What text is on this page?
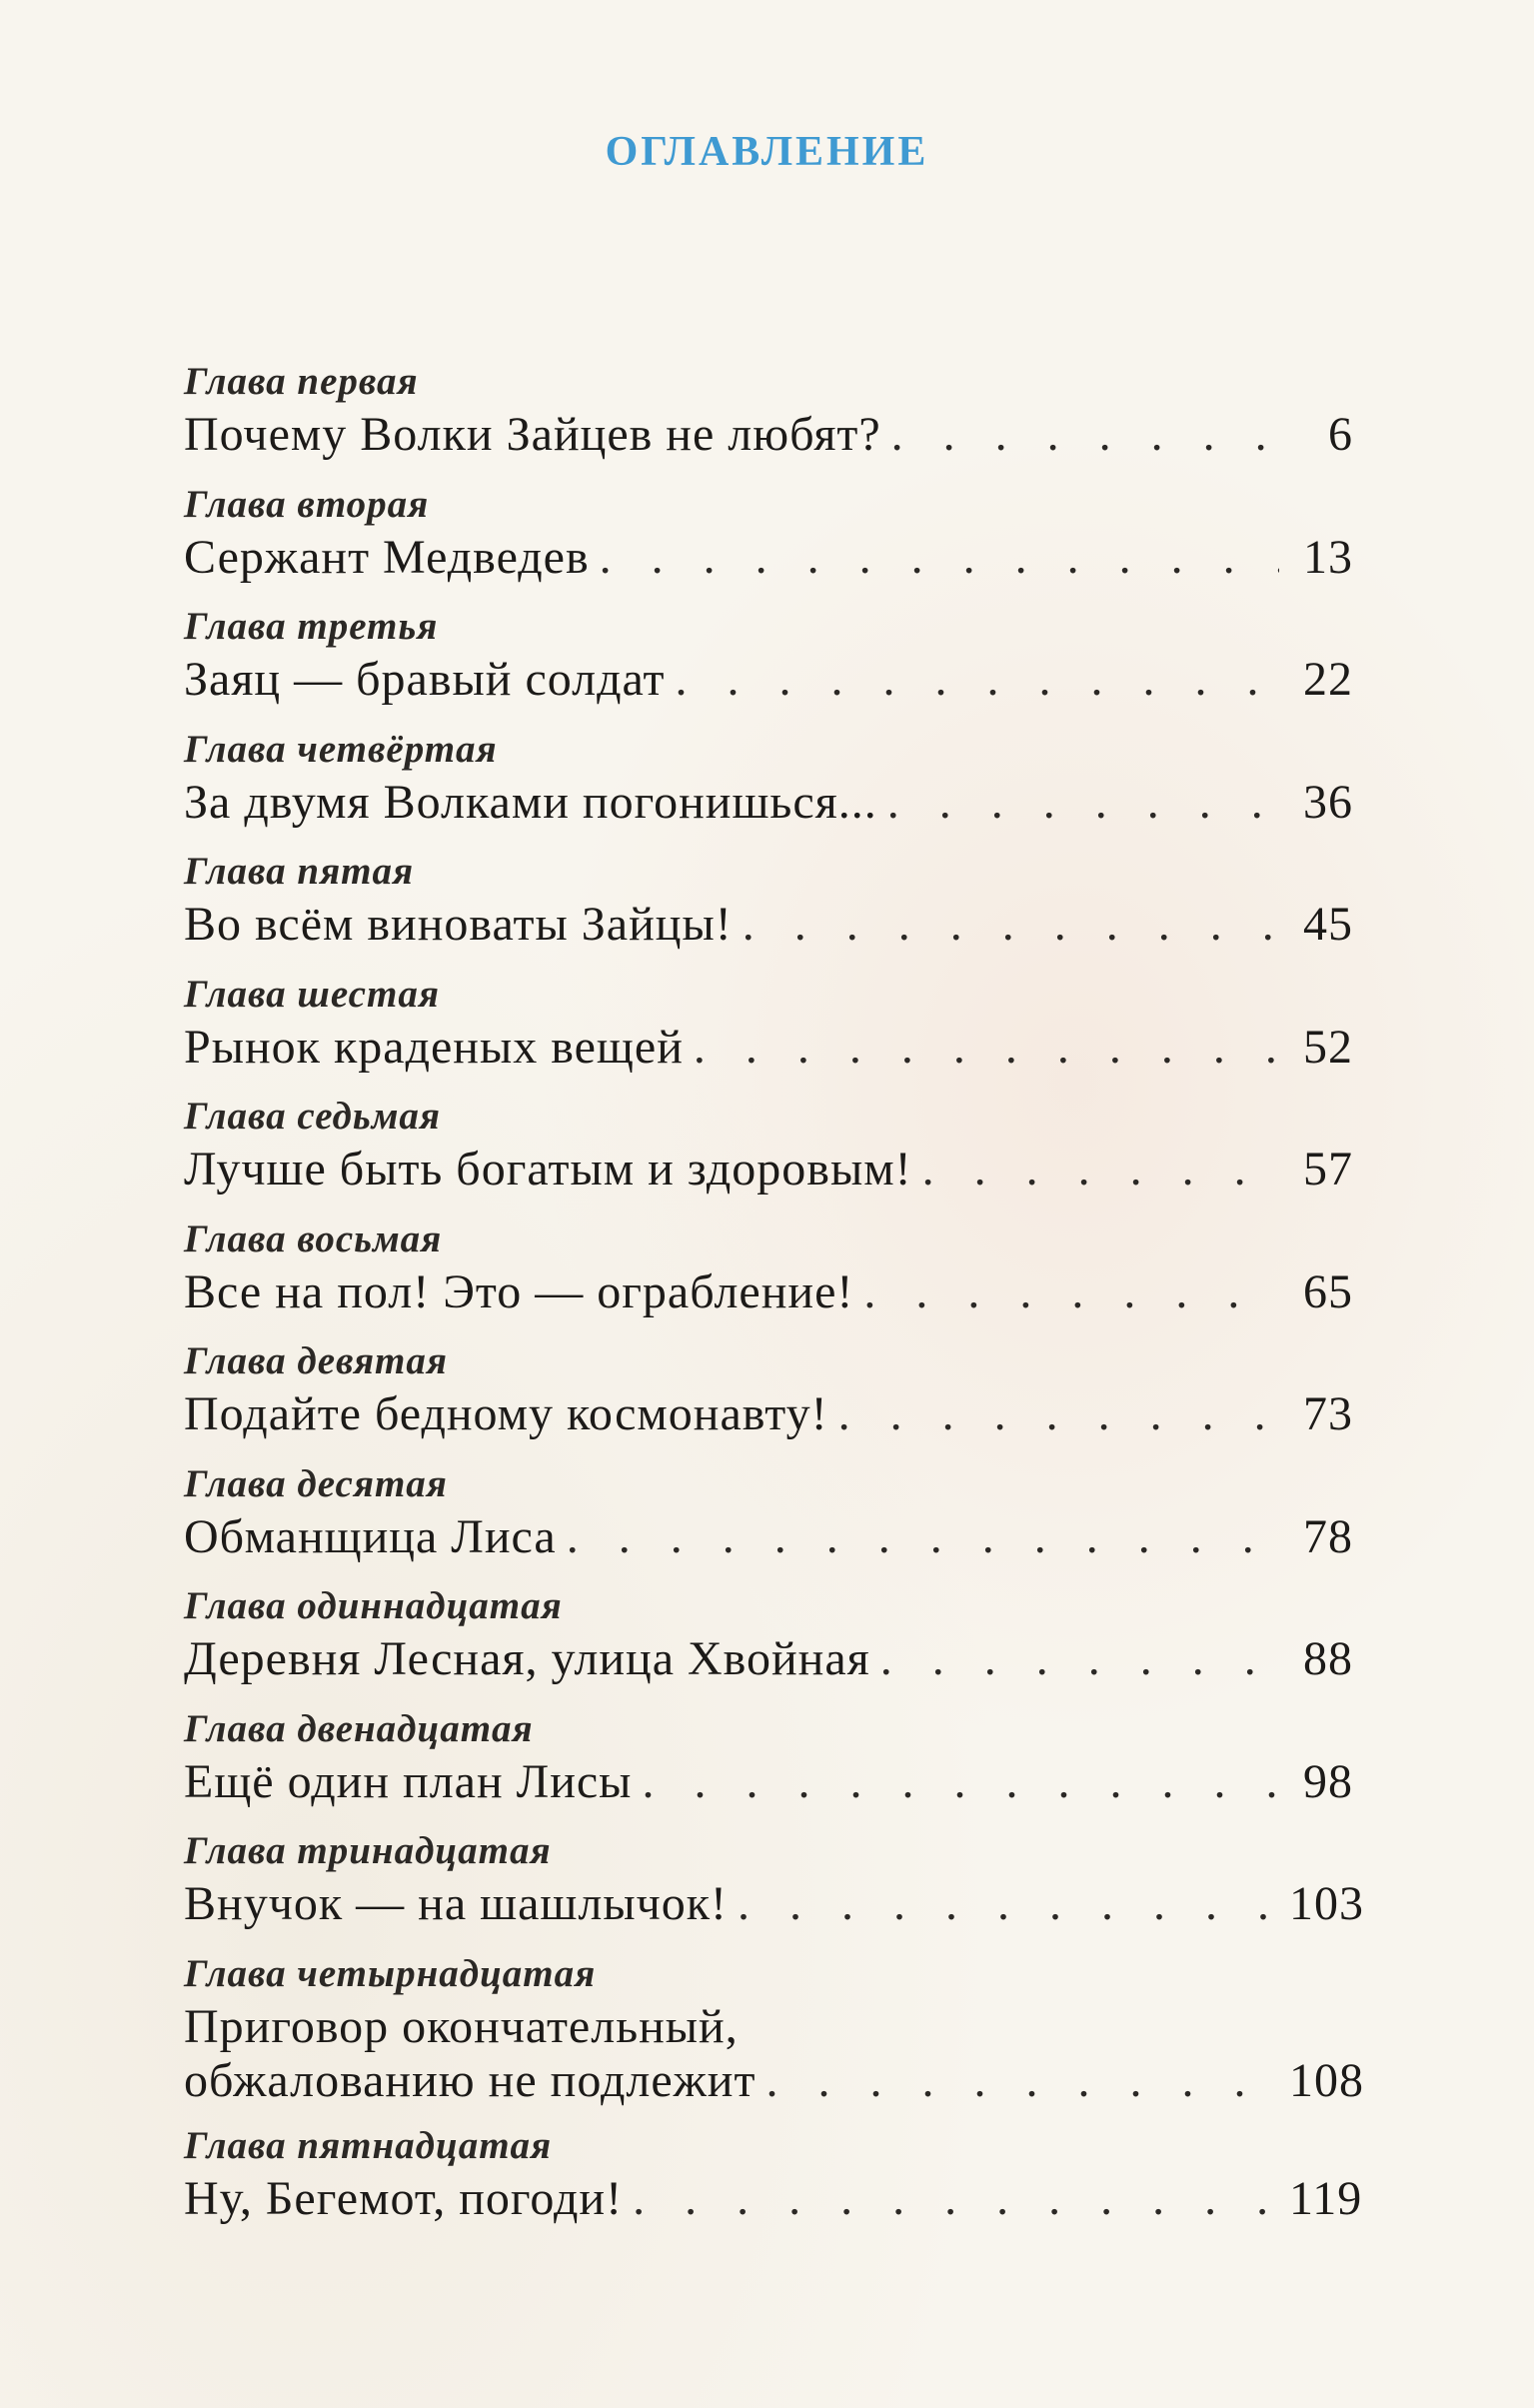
ОГЛАВЛЕНИЕ
Глава первая
Почему Волки Зайцев не любят? . . .	6
Глава вторая
Сержант Медведев . . .	13
Глава третья
Заяц — бравый солдат . . .	22
Глава четвёртая
За двумя Волками погонишься... . . .	36
Глава пятая
Во всём виноваты Зайцы! . . .	45
Глава шестая
Рынок краденых вещей . . .	52
Глава седьмая
Лучше быть богатым и здоровым! . . .	57
Глава восьмая
Все на пол! Это — ограбление! . . .	65
Глава девятая
Подайте бедному космонавту! . . .	73
Глава десятая
Обманщица Лиса . . .	78
Глава одиннадцатая
Деревня Лесная, улица Хвойная . . .	88
Глава двенадцатая
Ещё один план Лисы . . .	98
Глава тринадцатая
Внучок — на шашлычок! . . .	103
Глава четырнадцатая
Приговор окончательный,
обжалованию не подлежит . . .	108
Глава пятнадцатая
Ну, Бегемот, погоди! . . .	119
